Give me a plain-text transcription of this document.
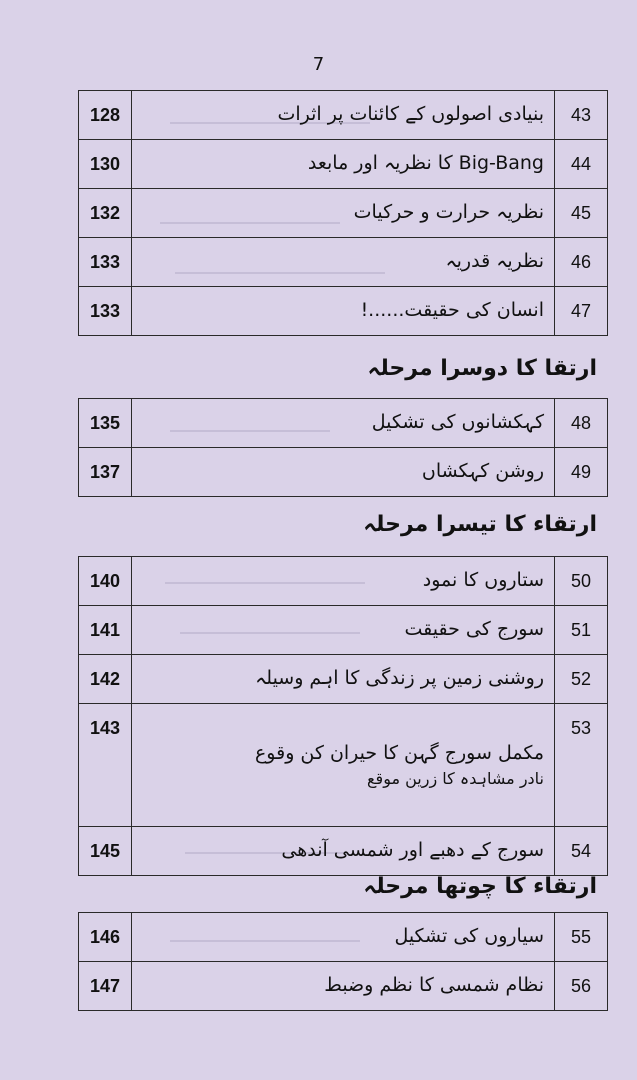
7
43	بنیادی اصولوں کے کائنات پر اثرات	128
44	Big-Bang کا نظریہ اور مابعد	130
45	نظریہ حرارت و حرکیات	132
46	نظریہ قدریہ	133
47	انسان کی حقیقت......!	133
ارتقا کا دوسرا مرحلہ
48	کہکشانوں کی تشکیل	135
49	روشن کہکشاں	137
ارتقاء کا تیسرا مرحلہ
50	ستاروں کا نمود	140
51	سورج کی حقیقت	141
52	روشنی زمین پر زندگی کا اہم وسیلہ	142
53	مکمل سورج گہن کا حیران کن وقوع
نادر مشاہدہ کا زرین موقع	143
54	سورج کے دھبے اور شمسی آندھی	145
ارتقاء کا چوتھا مرحلہ
55	سیاروں کی تشکیل	146
56	نظام شمسی کا نظم وضبط	147
